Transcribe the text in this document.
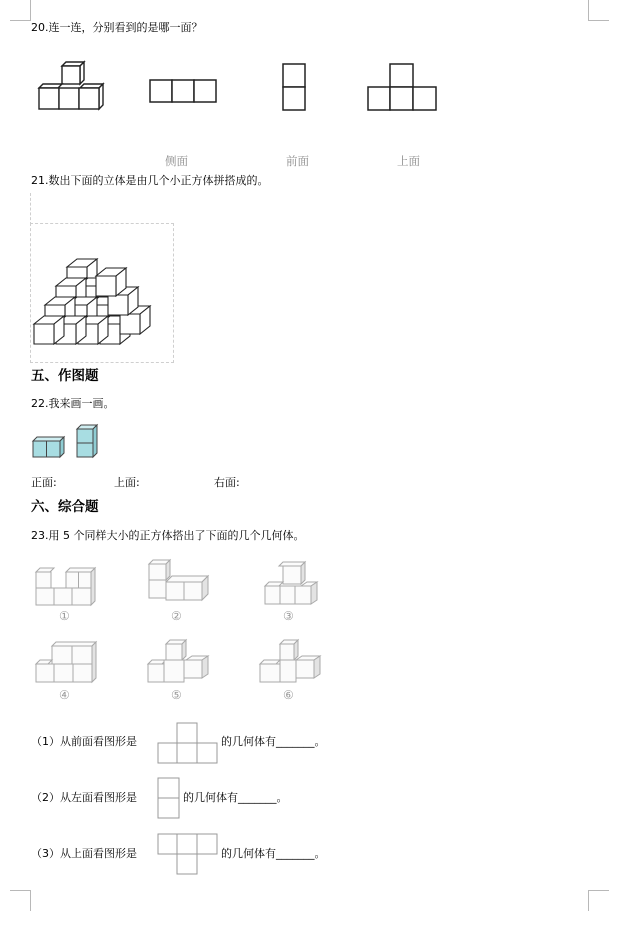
20.连一连，分别看到的是哪一面？
侧面	前面	上面
21.数出下面的立体是由几个小正方体拼搭成的。
五、作图题
22.我来画一画。
正面:	上面:	右面:
六、综合题
23.用 5 个同样大小的正方体搭出了下面的几个几何体。
①	②	③
④	⑤	⑥
（1）从前面看图形是	的几何体有_______。
（2）从左面看图形是	的几何体有_______。
（3）从上面看图形是	的几何体有_______。
